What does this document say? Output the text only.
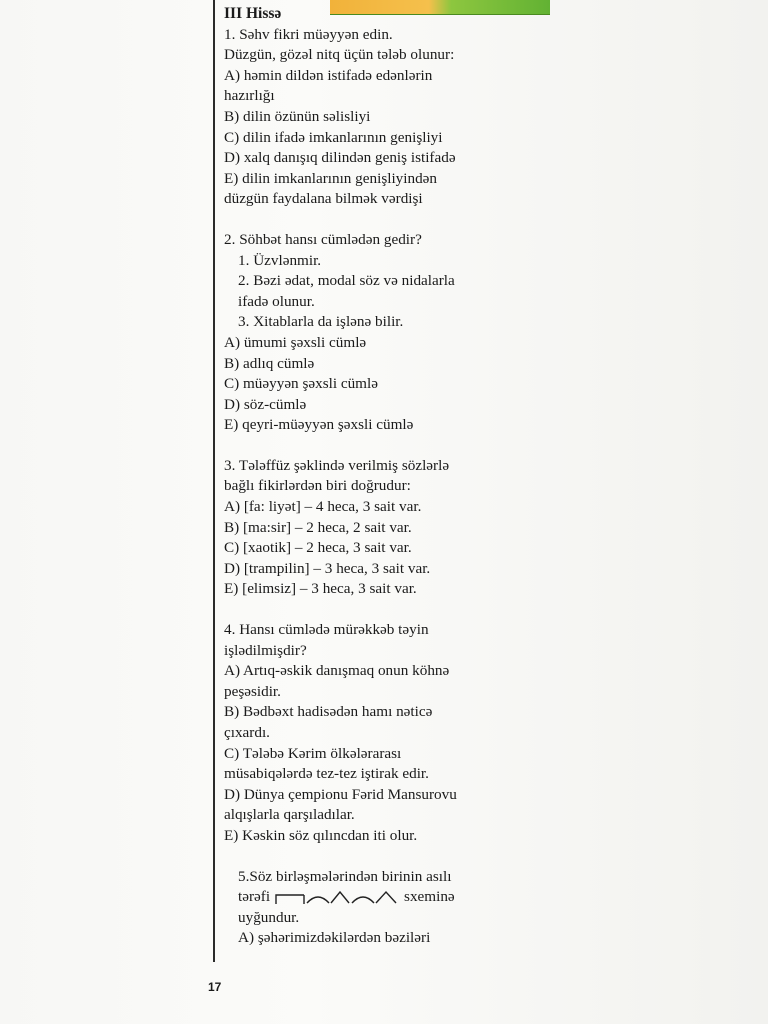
III Hissə

1. Səhv fikri müəyyən edin.

Düzgün, gözəl nitq üçün tələb olunur:

A) həmin dildən istifadə edənlərin

hazırlığı

B) dilin özünün səlisliyi

C) dilin ifadə imkanlarının genişliyi

D) xalq danışıq dilindən geniş istifadə

E) dilin imkanlarının genişliyindən

düzgün faydalana bilmək vərdişi

2. Söhbət hansı cümlədən gedir?

1. Üzvlənmir.

2. Bəzi ədat, modal söz və nidalarla

ifadə olunur.

3. Xitablarla da işlənə bilir.

A) ümumi şəxsli cümlə

B) adlıq cümlə

C) müəyyən şəxsli cümlə

D) söz-cümlə

E) qeyri-müəyyən şəxsli cümlə

3. Tələffüz şəklində verilmiş sözlərlə

bağlı fikirlərdən biri doğrudur:

A) [fa: liyət] – 4 heca, 3 sait var.

B) [ma:sir] – 2 heca, 2 sait var.

C) [xaotik] – 2 heca, 3 sait var.

D) [trampilin] – 3 heca, 3 sait var.

E) [elimsiz] – 3 heca, 3 sait var.

4. Hansı cümlədə mürəkkəb təyin

işlədilmişdir?

A) Artıq-əskik danışmaq onun köhnə

peşəsidir.

B) Bədbəxt hadisədən hamı nəticə

çıxardı.

C) Tələbə Kərim ölkələrarası

müsabiqələrdə tez-tez iştirak edir.

D) Dünya çempionu Fərid Mansurovu

alqışlarla qarşıladılar.

E) Kəskin söz qılıncdan iti olur.

5.Söz birləşmələrindən birinin asılı

tərəfi	sxeminə

uyğundur.

A) şəhərimizdəkilərdən bəziləri

17
